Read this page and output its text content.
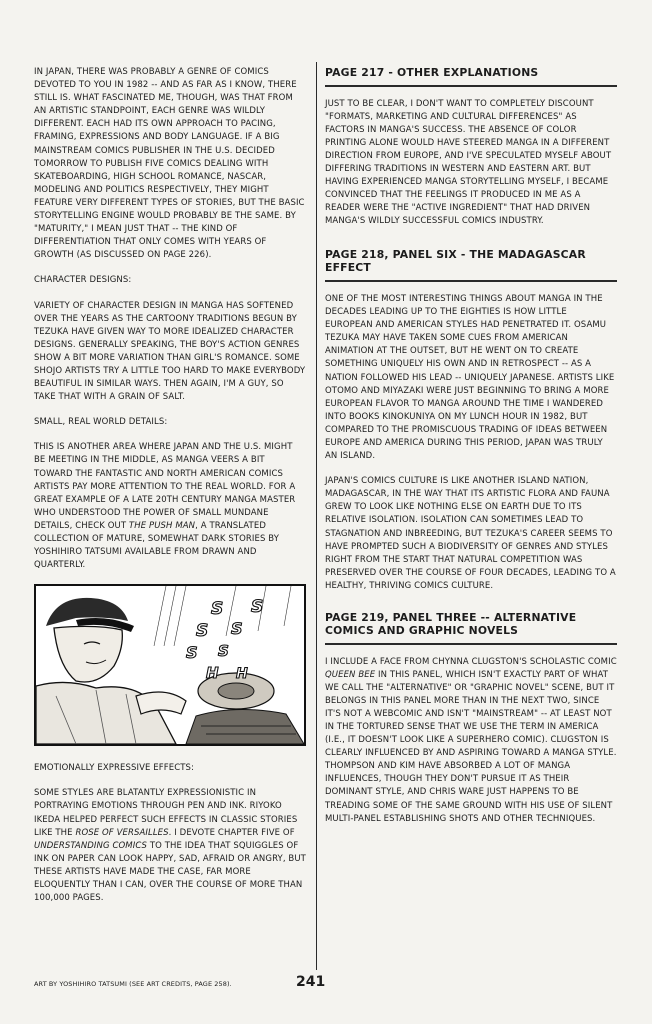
IN JAPAN, THERE WAS PROBABLY A GENRE OF COMICS DEVOTED TO YOU IN 1982 -- AND AS FAR AS I KNOW, THERE STILL IS. WHAT FASCINATED ME, THOUGH, WAS THAT FROM AN ARTISTIC STANDPOINT, EACH GENRE WAS WILDLY DIFFERENT. EACH HAD ITS OWN APPROACH TO PACING, FRAMING, EXPRESSIONS AND BODY LANGUAGE. IF A BIG MAINSTREAM COMICS PUBLISHER IN THE U.S. DECIDED TOMORROW TO PUBLISH FIVE COMICS DEALING WITH SKATEBOARDING, HIGH SCHOOL ROMANCE, NASCAR, MODELING AND POLITICS RESPECTIVELY, THEY MIGHT FEATURE VERY DIFFERENT TYPES OF STORIES, BUT THE BASIC STORYTELLING ENGINE WOULD PROBABLY BE THE SAME. BY "MATURITY," I MEAN JUST THAT -- THE KIND OF DIFFERENTIATION THAT ONLY COMES WITH YEARS OF GROWTH (AS DISCUSSED ON PAGE 226).

CHARACTER DESIGNS:

VARIETY OF CHARACTER DESIGN IN MANGA HAS SOFTENED OVER THE YEARS AS THE CARTOONY TRADITIONS BEGUN BY TEZUKA HAVE GIVEN WAY TO MORE IDEALIZED CHARACTER DESIGNS. GENERALLY SPEAKING, THE BOY'S ACTION GENRES SHOW A BIT MORE VARIATION THAN GIRL'S ROMANCE. SOME SHOJO ARTISTS TRY A LITTLE TOO HARD TO MAKE EVERYBODY BEAUTIFUL IN SIMILAR WAYS. THEN AGAIN, I'M A GUY, SO TAKE THAT WITH A GRAIN OF SALT.

SMALL, REAL WORLD DETAILS:

THIS IS ANOTHER AREA WHERE JAPAN AND THE U.S. MIGHT BE MEETING IN THE MIDDLE, AS MANGA VEERS A BIT TOWARD THE FANTASTIC AND NORTH AMERICAN COMICS ARTISTS PAY MORE ATTENTION TO THE REAL WORLD. FOR A GREAT EXAMPLE OF A LATE 20TH CENTURY MANGA MASTER WHO UNDERSTOOD THE POWER OF SMALL MUNDANE DETAILS, CHECK OUT THE PUSH MAN, A TRANSLATED COLLECTION OF MATURE, SOMEWHAT DARK STORIES BY YOSHIHIRO TATSUMI AVAILABLE FROM DRAWN AND QUARTERLY.

S S
S S
S S
H H

EMOTIONALLY EXPRESSIVE EFFECTS:

SOME STYLES ARE BLATANTLY EXPRESSIONISTIC IN PORTRAYING EMOTIONS THROUGH PEN AND INK. RIYOKO IKEDA HELPED PERFECT SUCH EFFECTS IN CLASSIC STORIES LIKE THE ROSE OF VERSAILLES. I DEVOTE CHAPTER FIVE OF UNDERSTANDING COMICS TO THE IDEA THAT SQUIGGLES OF INK ON PAPER CAN LOOK HAPPY, SAD, AFRAID OR ANGRY, BUT THESE ARTISTS HAVE MADE THE CASE, FAR MORE ELOQUENTLY THAN I CAN, OVER THE COURSE OF MORE THAN 100,000 PAGES.

PAGE 217 - OTHER EXPLANATIONS

JUST TO BE CLEAR, I DON'T WANT TO COMPLETELY DISCOUNT "FORMATS, MARKETING AND CULTURAL DIFFERENCES" AS FACTORS IN MANGA'S SUCCESS. THE ABSENCE OF COLOR PRINTING ALONE WOULD HAVE STEERED MANGA IN A DIFFERENT DIRECTION FROM EUROPE, AND I'VE SPECULATED MYSELF ABOUT DIFFERING TRADITIONS IN WESTERN AND EASTERN ART. BUT HAVING EXPERIENCED MANGA STORYTELLING MYSELF, I BECAME CONVINCED THAT THE FEELINGS IT PRODUCED IN ME AS A READER WERE THE "ACTIVE INGREDIENT" THAT HAD DRIVEN MANGA'S WILDLY SUCCESSFUL COMICS INDUSTRY.

PAGE 218, PANEL SIX - THE MADAGASCAR EFFECT

ONE OF THE MOST INTERESTING THINGS ABOUT MANGA IN THE DECADES LEADING UP TO THE EIGHTIES IS HOW LITTLE EUROPEAN AND AMERICAN STYLES HAD PENETRATED IT. OSAMU TEZUKA MAY HAVE TAKEN SOME CUES FROM AMERICAN ANIMATION AT THE OUTSET, BUT HE WENT ON TO CREATE SOMETHING UNIQUELY HIS OWN AND IN RETROSPECT -- AS A NATION FOLLOWED HIS LEAD -- UNIQUELY JAPANESE. ARTISTS LIKE OTOMO AND MIYAZAKI WERE JUST BEGINNING TO BRING A MORE EUROPEAN FLAVOR TO MANGA AROUND THE TIME I WANDERED INTO BOOKS KINOKUNIYA ON MY LUNCH HOUR IN 1982, BUT COMPARED TO THE PROMISCUOUS TRADING OF IDEAS BETWEEN EUROPE AND AMERICA DURING THIS PERIOD, JAPAN WAS TRULY AN ISLAND.

JAPAN'S COMICS CULTURE IS LIKE ANOTHER ISLAND NATION, MADAGASCAR, IN THE WAY THAT ITS ARTISTIC FLORA AND FAUNA GREW TO LOOK LIKE NOTHING ELSE ON EARTH DUE TO ITS RELATIVE ISOLATION. ISOLATION CAN SOMETIMES LEAD TO STAGNATION AND INBREEDING, BUT TEZUKA'S CAREER SEEMS TO HAVE PROMPTED SUCH A BIODIVERSITY OF GENRES AND STYLES RIGHT FROM THE START THAT NATURAL COMPETITION WAS PRESERVED OVER THE COURSE OF FOUR DECADES, LEADING TO A HEALTHY, THRIVING COMICS CULTURE.

PAGE 219, PANEL THREE -- ALTERNATIVE COMICS AND GRAPHIC NOVELS

I INCLUDE A FACE FROM CHYNNA CLUGSTON'S SCHOLASTIC COMIC QUEEN BEE IN THIS PANEL, WHICH ISN'T EXACTLY PART OF WHAT WE CALL THE "ALTERNATIVE" OR "GRAPHIC NOVEL" SCENE, BUT IT BELONGS IN THIS PANEL MORE THAN IN THE NEXT TWO, SINCE IT'S NOT A WEBCOMIC AND ISN'T "MAINSTREAM" -- AT LEAST NOT IN THE TORTURED SENSE THAT WE USE THE TERM IN AMERICA (I.E., IT DOESN'T LOOK LIKE A SUPERHERO COMIC). CLUGSTON IS CLEARLY INFLUENCED BY AND ASPIRING TOWARD A MANGA STYLE. THOMPSON AND KIM HAVE ABSORBED A LOT OF MANGA INFLUENCES, THOUGH THEY DON'T PURSUE IT AS THEIR DOMINANT STYLE, AND CHRIS WARE JUST HAPPENS TO BE TREADING SOME OF THE SAME GROUND WITH HIS USE OF SILENT MULTI-PANEL ESTABLISHING SHOTS AND OTHER TECHNIQUES.

ART BY YOSHIHIRO TATSUMI (SEE ART CREDITS, PAGE 258).	241
